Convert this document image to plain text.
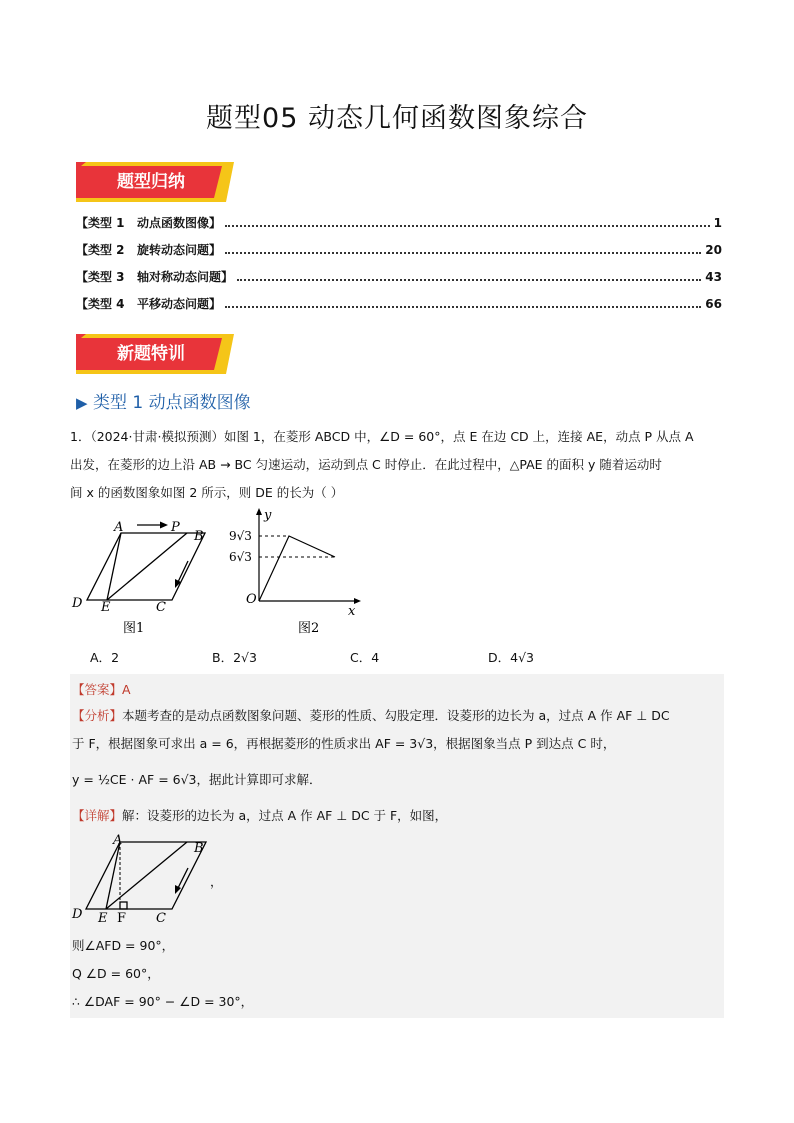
题型05 动态几何函数图象综合
题型归纳
【类型 1   动点函数图像】	1
【类型 2   旋转动态问题】	20
【类型 3   轴对称动态问题】	43
【类型 4   平移动态问题】	66
新题特训
▶ 类型 1 动点函数图像
1．（2024·甘肃·模拟预测）如图 1，在菱形 ABCD 中，∠D = 60°，点 E 在边 CD 上，连接 AE，动点 P 从点 A
出发，在菱形的边上沿 AB → BC 匀速运动，运动到点 C 时停止．在此过程中，△PAE 的面积 y 随着运动时
间 x 的函数图象如图 2 所示，则 DE 的长为（ ）
A	P
B
D E	C
图1
y
x
O
9√3
6√3
图2
A．2	B．2√3	C．4	D．4√3
【答案】A
【分析】本题考查的是动点函数图象问题、菱形的性质、勾股定理．设菱形的边长为 a，过点 A 作 AF ⊥ DC
于 F，根据图象可求出 a = 6，再根据菱形的性质求出 AF = 3√3，根据图象当点 P 到达点 C 时，
y = ½CE · AF = 6√3，据此计算即可求解．
【详解】解：设菱形的边长为 a，过点 A 作 AF ⊥ DC 于 F，如图，
A
B
D E F C
，
则∠AFD = 90°，
Q ∠D = 60°，
∴ ∠DAF = 90° − ∠D = 30°，
